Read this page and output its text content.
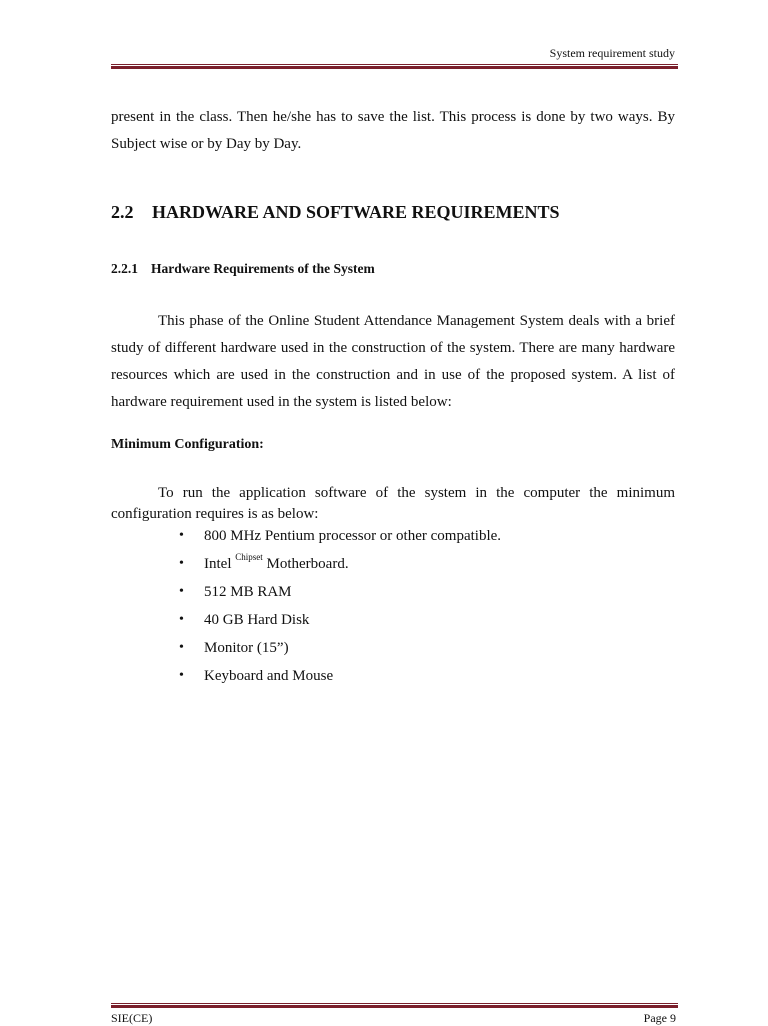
System requirement study

present in the class. Then he/she has to save the list. This process is done by two ways. By Subject wise or by Day by Day.

2.2 HARDWARE AND SOFTWARE REQUIREMENTS
2.2.1 Hardware Requirements of the System

This phase of the Online Student Attendance Management System deals with a brief study of different hardware used in the construction of the system. There are many hardware resources which are used in the construction and in use of the proposed system. A list of hardware requirement used in the system is listed below:

Minimum Configuration:

To run the application software of the system in the computer the minimum configuration requires is as below:

• 800 MHz Pentium processor or other compatible.
• Intel $^{Chipset}$ Motherboard.
• 512 MB RAM
• 40 GB Hard Disk
• Monitor (15”)
• Keyboard and Mouse
SIE(CE)	Page 9
